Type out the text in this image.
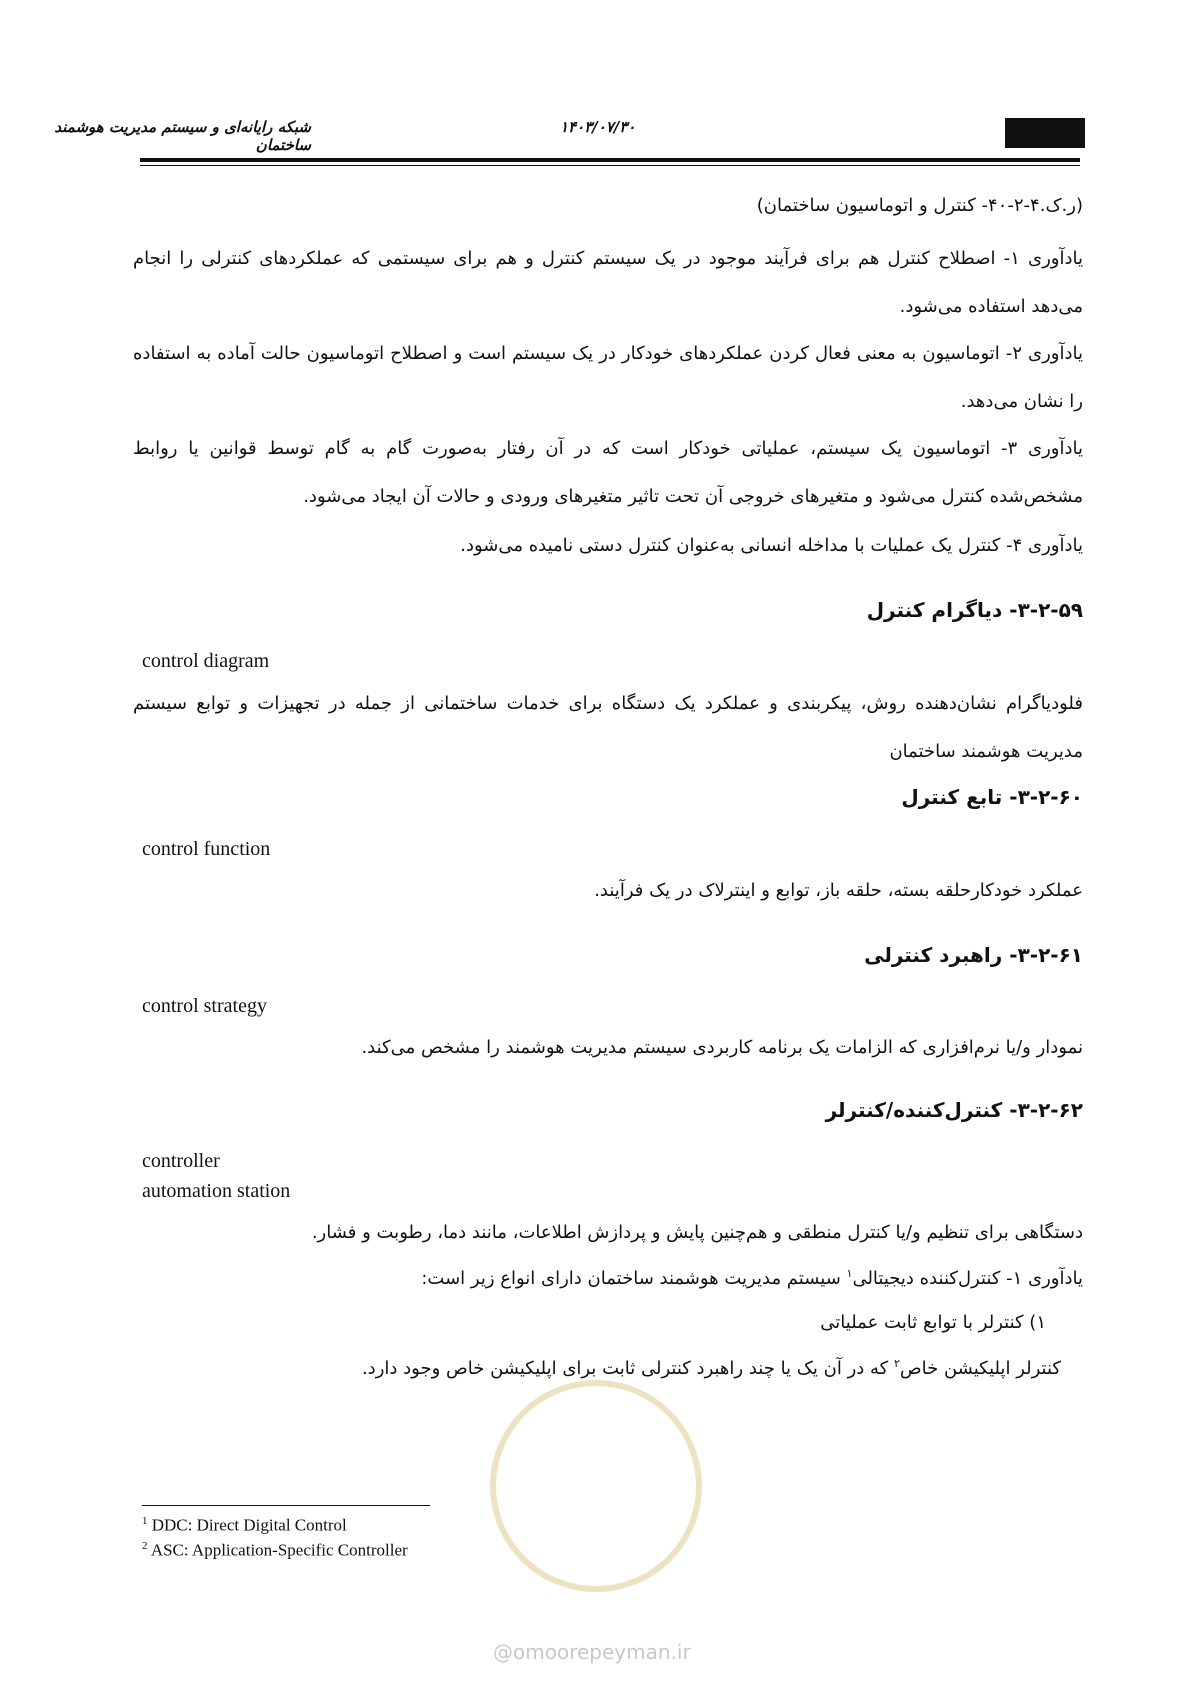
شبکه رایانه‌ای و سیستم مدیریت هوشمند ساختمان
۱۴۰۳/۰۷/۳۰
(ر.ک.۴-۲-۴۰- کنترل و اتوماسیون ساختمان)
یادآوری ۱- اصطلاح کنترل هم برای فرآیند موجود در یک سیستم کنترل و هم برای سیستمی که عملکردهای کنترلی را انجام می‌دهد استفاده می‌شود.
یادآوری ۲- اتوماسیون به معنی فعال کردن عملکردهای خودکار در یک سیستم است و اصطلاح اتوماسیون حالت آماده به استفاده را نشان می‌دهد.
یادآوری ۳- اتوماسیون یک سیستم، عملیاتی خودکار است که در آن رفتار به‌صورت گام به گام توسط قوانین یا روابط مشخص‌شده کنترل می‌شود و متغیرهای خروجی آن تحت تاثیر متغیرهای ورودی و حالات آن ایجاد می‌شود.
یادآوری ۴- کنترل یک عملیات با مداخله انسانی به‌عنوان کنترل دستی نامیده می‌شود.
۳-۲-۵۹- دیاگرام کنترل
control diagram
فلودیاگرام نشان‌دهنده روش، پیکربندی و عملکرد یک دستگاه برای خدمات ساختمانی از جمله در تجهیزات و توابع سیستم مدیریت هوشمند ساختمان
۳-۲-۶۰- تابع کنترل
control function
عملکرد خودکارحلقه بسته، حلقه باز، توابع و اینترلاک در یک فرآیند.
۳-۲-۶۱- راهبرد کنترلی
control strategy
نمودار و/یا نرم‌افزاری که الزامات یک برنامه کاربردی سیستم مدیریت هوشمند را مشخص می‌کند.
۳-۲-۶۲- کنترل‌کننده/کنترلر
controller
automation station
دستگاهی برای تنظیم و/یا کنترل منطقی و هم‌چنین پایش و پردازش اطلاعات، مانند دما، رطوبت و فشار.
یادآوری ۱- کنترل‌کننده دیجیتالی$^۱$ سیستم مدیریت هوشمند ساختمان دارای انواع زیر است:
۱) کنترلر با توابع ثابت عملیاتی
کنترلر اپلیکیشن خاص$^۲$ که در آن یک یا چند راهبرد کنترلی ثابت برای اپلیکیشن خاص وجود دارد.
$^1$ DDC: Direct Digital Control
$^2$ ASC: Application-Specific Controller
@omoorepeyman.ir
